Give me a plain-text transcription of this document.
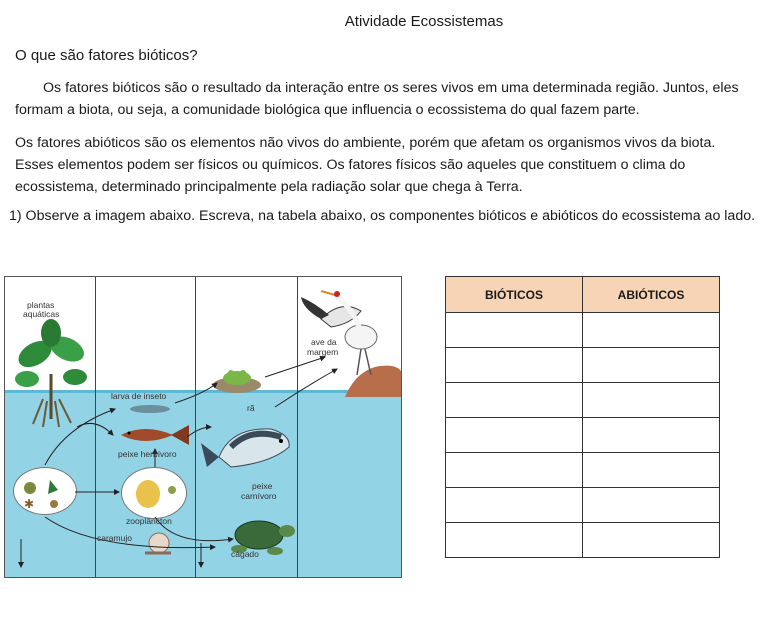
Atividade Ecossistemas
O que são fatores bióticos?
Os fatores bióticos são o resultado da interação entre os seres vivos em uma determinada região. Juntos, eles formam a biota, ou seja, a comunidade biológica que influencia o ecossistema do qual fazem parte.
Os fatores abióticos são os elementos não vivos do ambiente, porém que afetam os organismos vivos da biota. Esses elementos podem ser físicos ou químicos. Os fatores físicos são aqueles que constituem o clima do ecossistema, determinado principalmente pela radiação solar que chega à Terra.
1) Observe a imagem abaixo. Escreva, na tabela abaixo, os componentes bióticos e abióticos do ecossistema ao lado.
✱
plantas
aquáticas
ave da
margem
larva de inseto
rã
peixe herbívoro
peixe
carnívoro
zooplâncton
caramujo
cágado
BIÓTICOS	ABIÓTICOS
